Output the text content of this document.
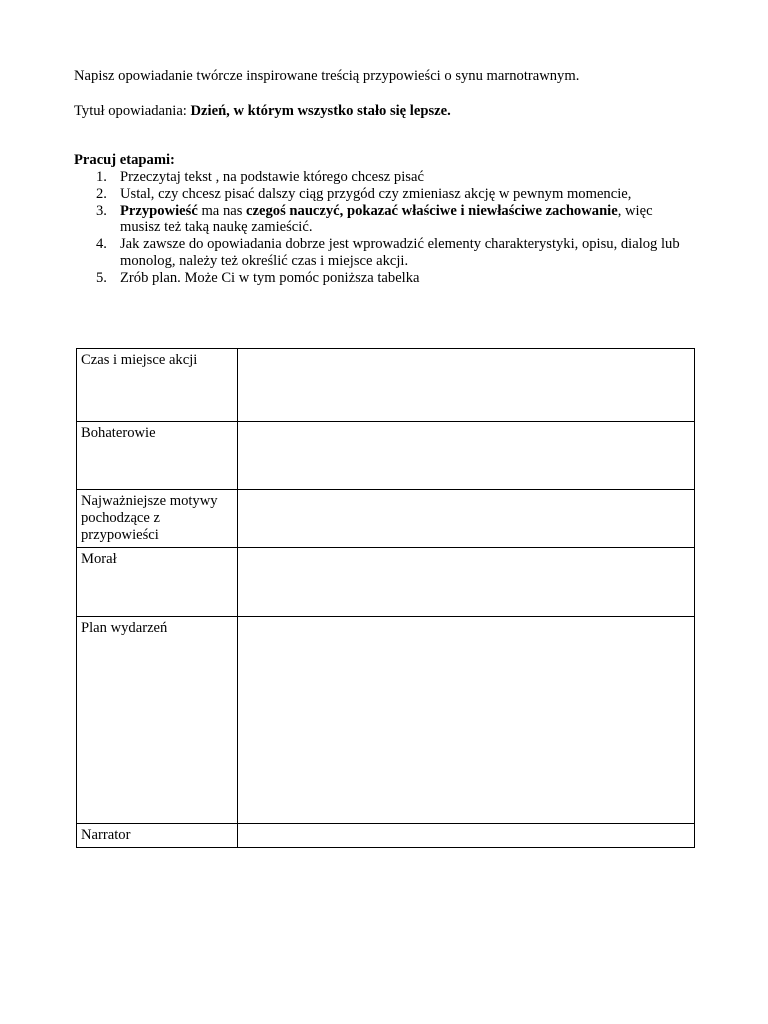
Napisz opowiadanie twórcze inspirowane treścią przypowieści o synu marnotrawnym.

Tytuł opowiadania: Dzień, w którym wszystko stało się lepsze.

Pracuj etapami:

1. Przeczytaj tekst , na podstawie którego chcesz pisać
2. Ustal, czy chcesz pisać dalszy ciąg przygód czy zmieniasz akcję w pewnym momencie,
3. Przypowieść ma nas czegoś nauczyć, pokazać właściwe i niewłaściwe zachowanie, więc musisz też taką naukę zamieścić.
4. Jak zawsze do opowiadania dobrze jest wprowadzić elementy charakterystyki, opisu, dialog lub monolog, należy też określić czas i miejsce akcji.
5. Zrób plan. Może Ci w tym pomóc poniższa tabelka
Czas i miejsce akcji	
Bohaterowie	
Najważniejsze motywy pochodzące z przypowieści	
Morał	
Plan wydarzeń	
Narrator	
